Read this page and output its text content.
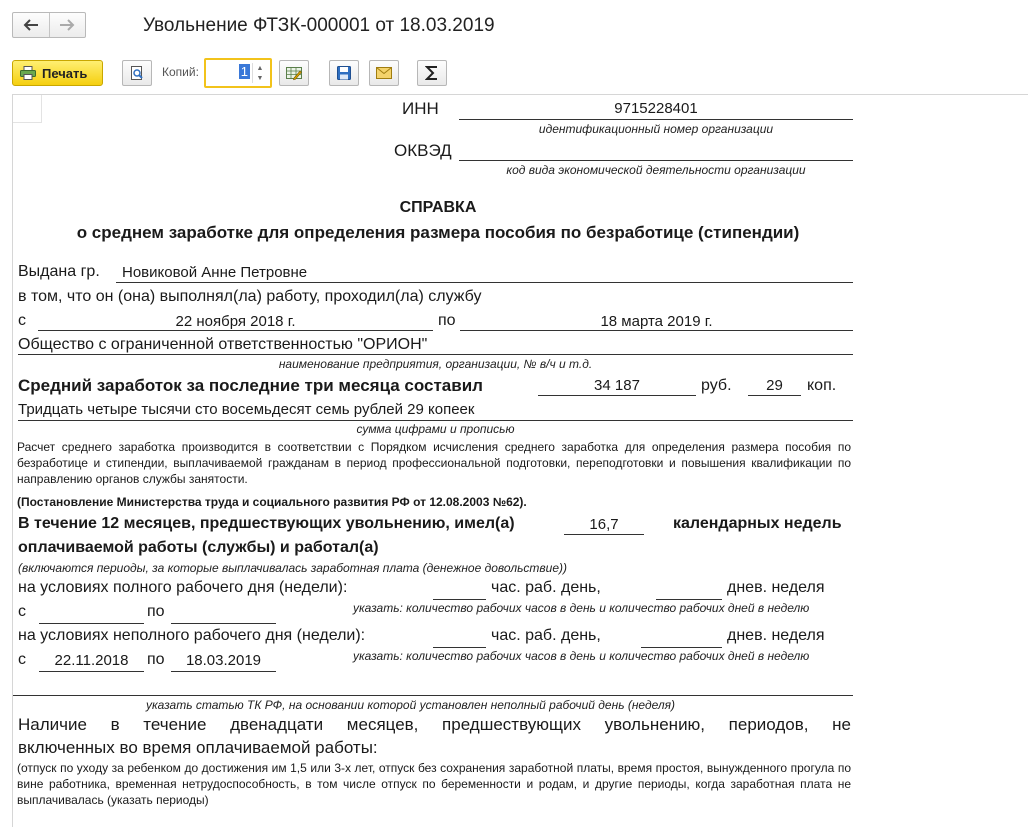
Увольнение ФТЗК-000001 от 18.03.2019
Печать	Копий:	1	▲
▼
ИНН	9715228401
идентификационный номер организации
ОКВЭД
код вида экономической деятельности организации
СПРАВКА
о среднем заработке для определения размера пособия по безработице (стипендии)
Выдана гр. Новиковой Анне Петровне
в том, что он (она) выполнял(ла) работу, проходил(ла) службу
с	22 ноября 2018 г.	по	18 марта 2019 г.
Общество с ограниченной ответственностью "ОРИОН"
наименование предприятия, организации, № в/ч и т.д.
Средний заработок за последние три месяца составил	34 187	руб.	29	коп.
Тридцать четыре тысячи сто восемьдесят семь рублей 29 копеек
сумма цифрами и прописью
Расчет среднего заработка производится в соответствии с Порядком исчисления среднего заработка для определения размера пособия по безработице и стипендии, выплачиваемой гражданам в период профессиональной подготовки, переподготовки и повышения квалификации по направлению органов службы занятости.
(Постановление Министерства труда и социального развития РФ от 12.08.2003 №62).
В течение 12 месяцев, предшествующих увольнению, имел(а)	16,7	календарных недель
оплачиваемой работы (службы) и работал(а)
(включаются периоды, за которые выплачивалась заработная плата (денежное довольствие))
на условиях полного рабочего дня (недели):	час. раб. день,	днев. неделя
с	по	указать: количество рабочих часов в день и количество рабочих дней в неделю
на условиях неполного рабочего дня (недели):	час. раб. день,	днев. неделя
с	22.11.2018	по	18.03.2019	указать: количество рабочих часов в день и количество рабочих дней в неделю
указать статью ТК РФ, на основании которой установлен неполный рабочий день (неделя)
Наличие в течение двенадцати месяцев, предшествующих увольнению, периодов, не
включенных во время оплачиваемой работы:
(отпуск по уходу за ребенком до достижения им 1,5 или 3-х лет, отпуск без сохранения заработной платы, время простоя, вынужденного прогула по вине работника, временная нетрудоспособность, в том числе отпуск по беременности и родам, и другие периоды, когда заработная плата не выплачивалась (указать периоды)
